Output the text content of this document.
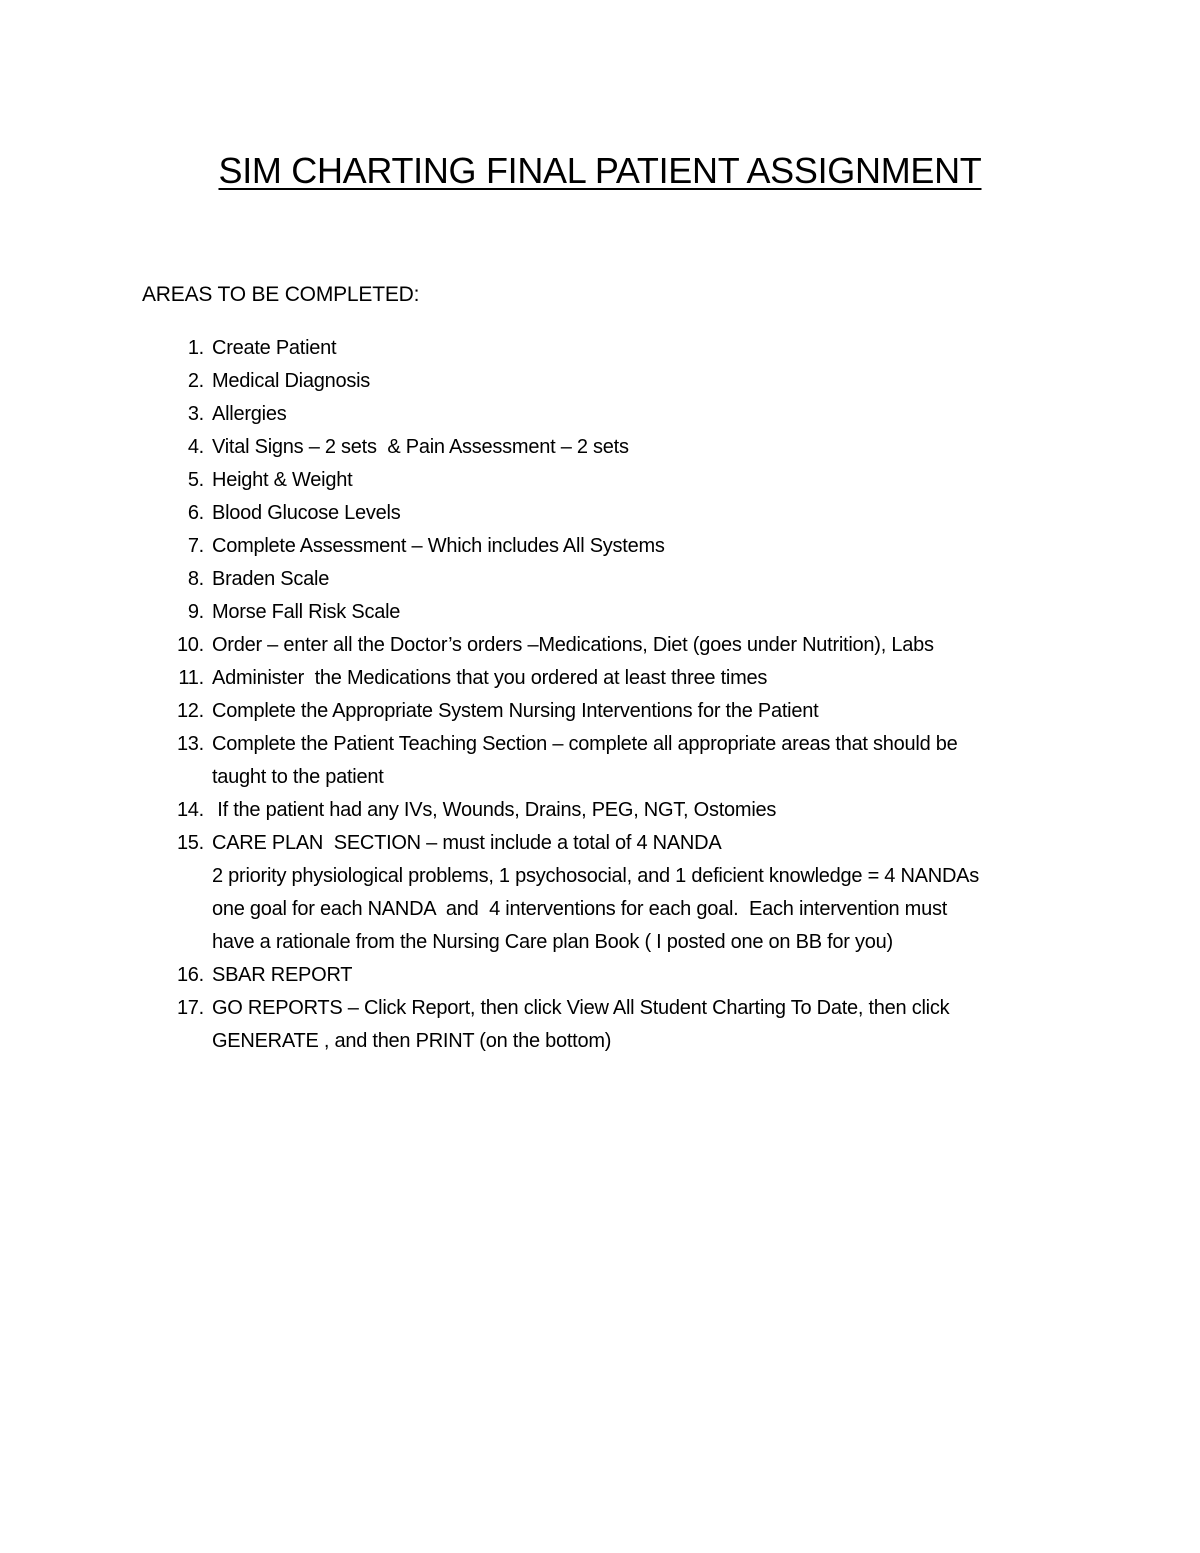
SIM CHARTING FINAL PATIENT ASSIGNMENT
AREAS TO BE COMPLETED:
1. Create Patient
2. Medical Diagnosis
3. Allergies
4. Vital Signs – 2 sets  & Pain Assessment – 2 sets
5. Height & Weight
6. Blood Glucose Levels
7. Complete Assessment – Which includes All Systems
8. Braden Scale
9. Morse Fall Risk Scale
10. Order – enter all the Doctor’s orders –Medications, Diet (goes under Nutrition), Labs
11. Administer  the Medications that you ordered at least three times
12. Complete the Appropriate System Nursing Interventions for the Patient
13. Complete the Patient Teaching Section – complete all appropriate areas that should be
taught to the patient
14. If the patient had any IVs, Wounds, Drains, PEG, NGT, Ostomies
15. CARE PLAN  SECTION – must include a total of 4 NANDA
2 priority physiological problems, 1 psychosocial, and 1 deficient knowledge = 4 NANDAs
one goal for each NANDA  and  4 interventions for each goal.  Each intervention must
have a rationale from the Nursing Care plan Book ( I posted one on BB for you)
16. SBAR REPORT
17. GO REPORTS – Click Report, then click View All Student Charting To Date, then click
GENERATE , and then PRINT (on the bottom)
